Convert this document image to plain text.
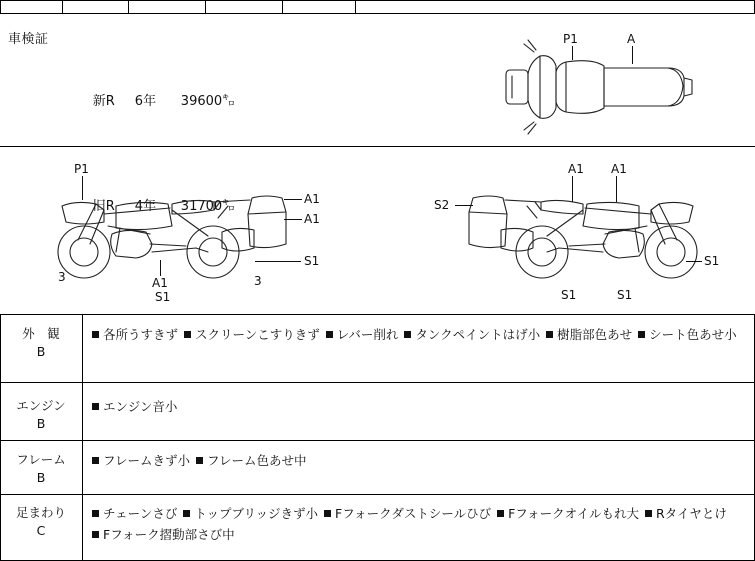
車検証

新R 6年 39600㌔

旧R 4年 31700㌔

P1	A
P1
A1
A1
S1
3	3
A1
S1
S2
A1 A1
S1
S1	S1
外　観
B
各所うすきず スクリーンこすりきず レバー削れ タンクペイントはげ小 樹脂部色あせ シート色あせ小
エンジン
B
エンジン音小
フレーム
B
フレームきず小 フレーム色あせ中
足まわり
C
チェーンさび トップブリッジきず小 Fフォークダストシールひび Fフォークオイルもれ大 Rタイヤとけ Fフォーク摺動部さび中
